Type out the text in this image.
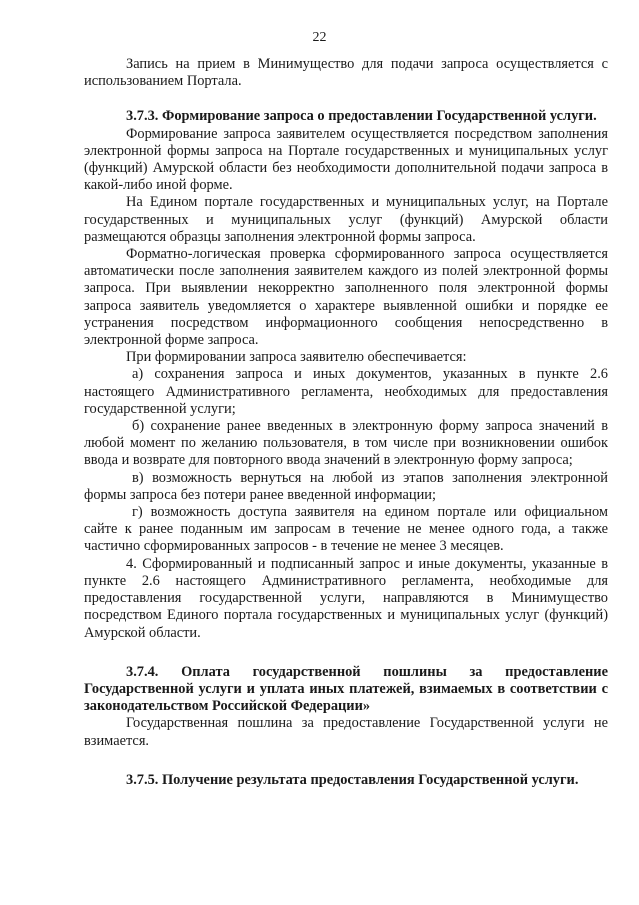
22

Запись на прием в Минимущество для подачи запроса осуществляется с использованием Портала.

3.7.3. Формирование запроса о предоставлении Государственной услуги.

Формирование запроса заявителем осуществляется посредством заполнения электронной формы запроса на Портале государственных и муниципальных услуг (функций) Амурской области без необходимости дополнительной подачи запроса в какой-либо иной форме.

На Едином портале государственных и муниципальных услуг, на Портале государственных и муниципальных услуг (функций) Амурской области размещаются образцы заполнения электронной формы запроса.

Форматно-логическая проверка сформированного запроса осуществляется автоматически после заполнения заявителем каждого из полей электронной формы запроса. При выявлении некорректно заполненного поля электронной формы запроса заявитель уведомляется о характере выявленной ошибки и порядке ее устранения посредством информационного сообщения непосредственно в электронной форме запроса.

При формировании запроса заявителю обеспечивается:

а) сохранения запроса и иных документов, указанных в пункте 2.6 настоящего Административного регламента, необходимых для предоставления государственной услуги;

б) сохранение ранее введенных в электронную форму запроса значений в любой момент по желанию пользователя, в том числе при возникновении ошибок ввода и возврате для повторного ввода значений в электронную форму запроса;

в) возможность вернуться на любой из этапов заполнения электронной формы запроса без потери ранее введенной информации;

г) возможность доступа заявителя на едином портале или официальном сайте к ранее поданным им запросам в течение не менее одного года, а также частично сформированных запросов - в течение не менее 3 месяцев.

4. Сформированный и подписанный запрос и иные документы, указанные в пункте 2.6 настоящего Административного регламента, необходимые для предоставления государственной услуги, направляются в Минимущество посредством Единого портала государственных и муниципальных услуг (функций) Амурской области.

3.7.4. Оплата государственной пошлины за предоставление Государственной услуги и уплата иных платежей, взимаемых в соответствии с законодательством Российской Федерации»

Государственная пошлина за предоставление Государственной услуги не взимается.

3.7.5. Получение результата предоставления Государственной услуги.
